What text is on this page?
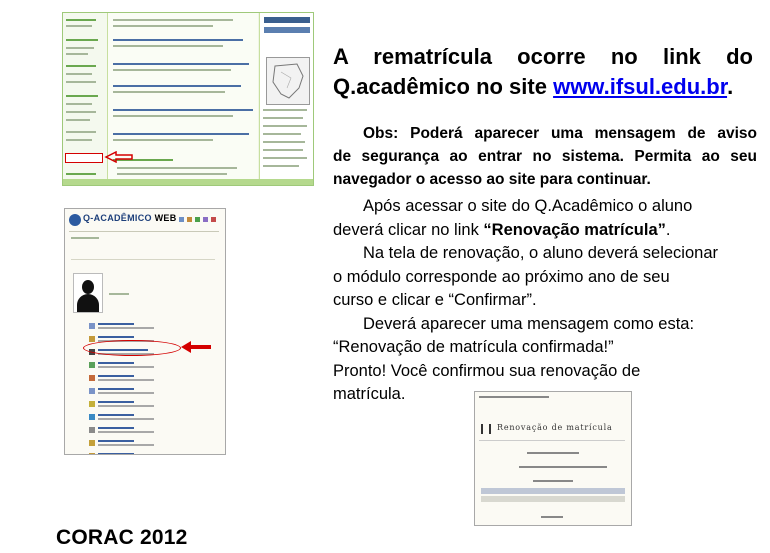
Q-ACADÊMICO WEB
Renovação de matrícula
A rematrícula ocorre no link do
Q.acadêmico no site www.ifsul.edu.br.

Obs: Poderá aparecer uma mensagem de aviso

de segurança ao entrar no sistema. Permita ao seu

navegador o acesso ao site para continuar.

Após acessar o site do Q.Acadêmico o aluno

deverá clicar no link “Renovação matrícula”.

Na tela de renovação, o aluno deverá selecionar

o módulo corresponde ao próximo ano de seu

curso e clicar e “Confirmar”.

Deverá aparecer uma mensagem como esta:

“Renovação de matrícula confirmada!”

Pronto! Você confirmou sua renovação de

matrícula.

CORAC 2012
